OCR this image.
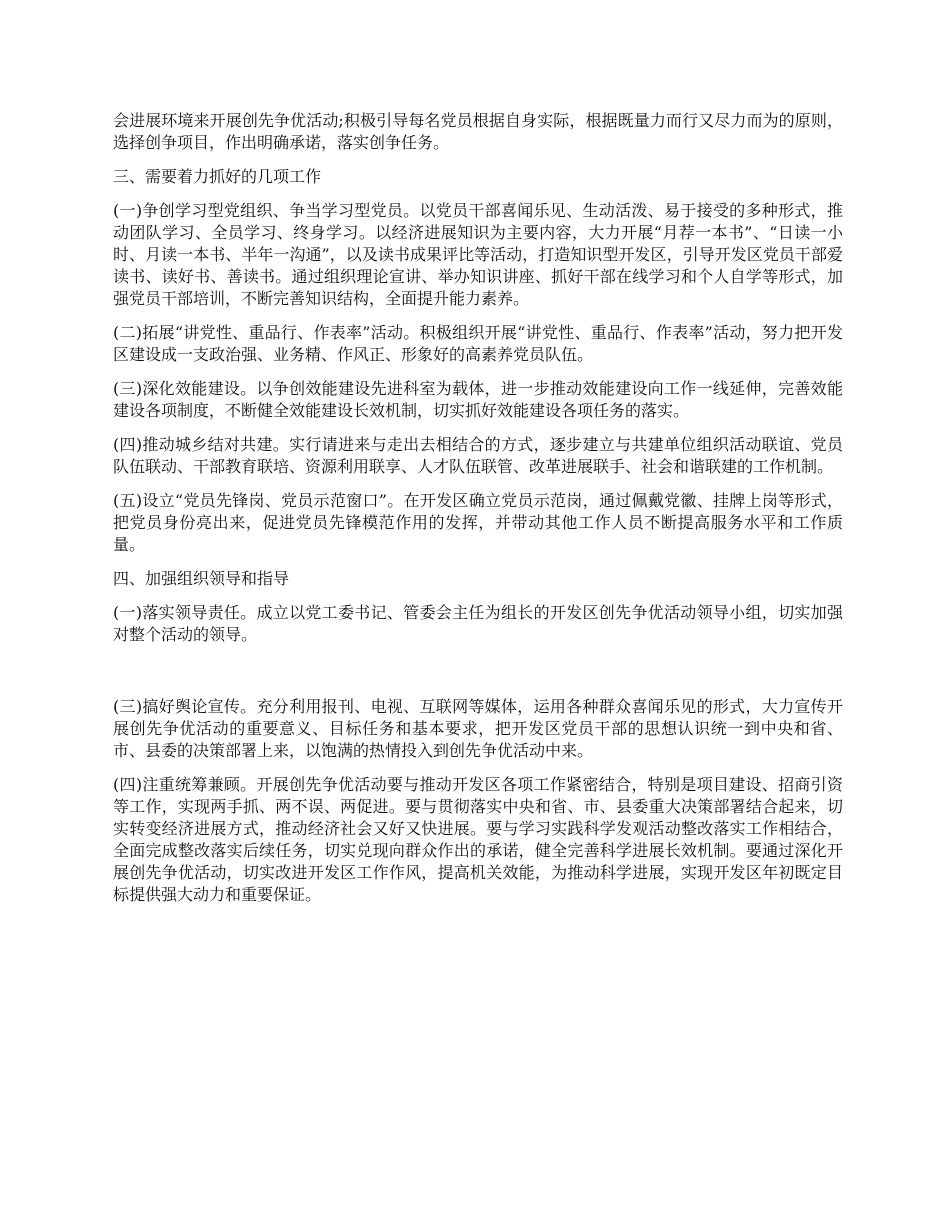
会进展环境来开展创先争优活动;积极引导每名党员根据自身实际，根据既量力而行又尽力而为的原则，选择创争项目，作出明确承诺，落实创争任务。

三、需要着力抓好的几项工作

(一)争创学习型党组织、争当学习型党员。以党员干部喜闻乐见、生动活泼、易于接受的多种形式，推动团队学习、全员学习、终身学习。以经济进展知识为主要内容，大力开展“月荐一本书”、“日读一小时、月读一本书、半年一沟通”，以及读书成果评比等活动，打造知识型开发区，引导开发区党员干部爱读书、读好书、善读书。通过组织理论宣讲、举办知识讲座、抓好干部在线学习和个人自学等形式，加强党员干部培训，不断完善知识结构，全面提升能力素养。

(二)拓展“讲党性、重品行、作表率”活动。积极组织开展“讲党性、重品行、作表率”活动，努力把开发区建设成一支政治强、业务精、作风正、形象好的高素养党员队伍。

(三)深化效能建设。以争创效能建设先进科室为载体，进一步推动效能建设向工作一线延伸，完善效能建设各项制度，不断健全效能建设长效机制，切实抓好效能建设各项任务的落实。

(四)推动城乡结对共建。实行请进来与走出去相结合的方式，逐步建立与共建单位组织活动联谊、党员队伍联动、干部教育联培、资源利用联享、人才队伍联管、改革进展联手、社会和谐联建的工作机制。

(五)设立“党员先锋岗、党员示范窗口”。在开发区确立党员示范岗，通过佩戴党徽、挂牌上岗等形式，把党员身份亮出来，促进党员先锋模范作用的发挥，并带动其他工作人员不断提高服务水平和工作质量。

四、加强组织领导和指导

(一)落实领导责任。成立以党工委书记、管委会主任为组长的开发区创先争优活动领导小组，切实加强对整个活动的领导。

(三)搞好舆论宣传。充分利用报刊、电视、互联网等媒体，运用各种群众喜闻乐见的形式，大力宣传开展创先争优活动的重要意义、目标任务和基本要求，把开发区党员干部的思想认识统一到中央和省、市、县委的决策部署上来，以饱满的热情投入到创先争优活动中来。

(四)注重统筹兼顾。开展创先争优活动要与推动开发区各项工作紧密结合，特别是项目建设、招商引资等工作，实现两手抓、两不误、两促进。要与贯彻落实中央和省、市、县委重大决策部署结合起来，切实转变经济进展方式，推动经济社会又好又快进展。要与学习实践科学发观活动整改落实工作相结合，全面完成整改落实后续任务，切实兑现向群众作出的承诺，健全完善科学进展长效机制。要通过深化开展创先争优活动，切实改进开发区工作作风，提高机关效能，为推动科学进展，实现开发区年初既定目标提供强大动力和重要保证。
